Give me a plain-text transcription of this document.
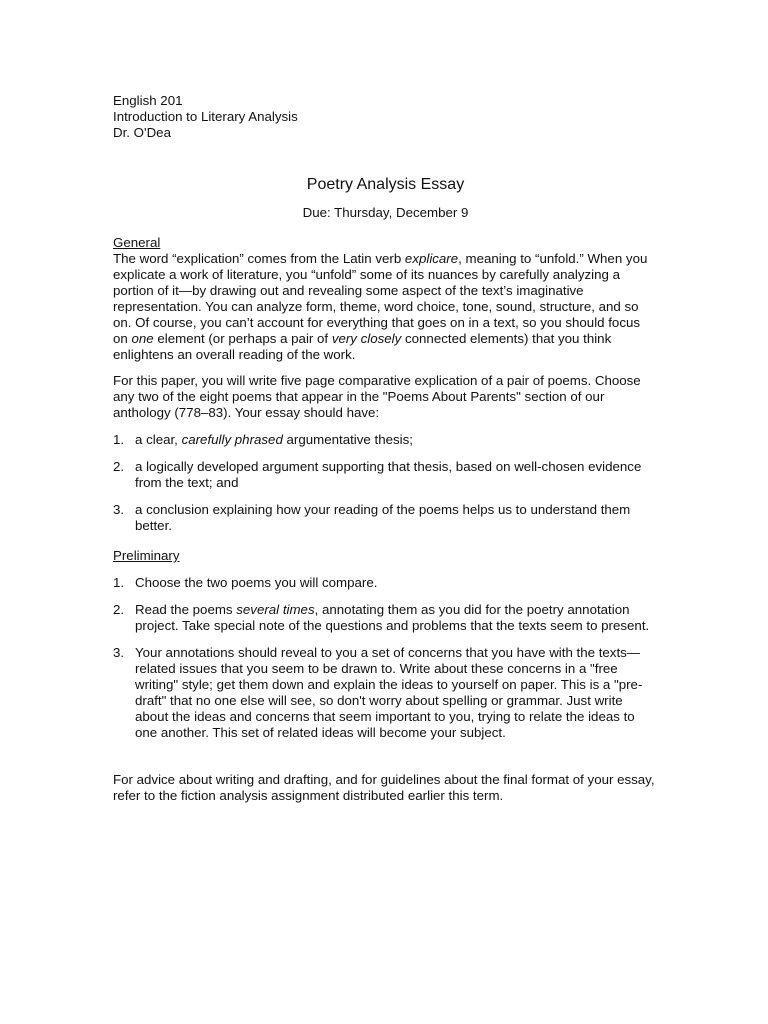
English 201
Introduction to Literary Analysis
Dr. O'Dea
Poetry Analysis Essay
Due: Thursday, December 9
General

The word “explication” comes from the Latin verb explicare, meaning to “unfold.” When you explicate a work of literature, you “unfold” some of its nuances by carefully analyzing a portion of it—by drawing out and revealing some aspect of the text’s imaginative representation. You can analyze form, theme, word choice, tone, sound, structure, and so on. Of course, you can’t account for everything that goes on in a text, so you should focus on one element (or perhaps a pair of very closely connected elements) that you think enlightens an overall reading of the work.

For this paper, you will write five page comparative explication of a pair of poems. Choose any two of the eight poems that appear in the "Poems About Parents" section of our anthology (778–83). Your essay should have:

1. a clear, carefully phrased argumentative thesis;
2. a logically developed argument supporting that thesis, based on well-chosen evidence from the text; and
3. a conclusion explaining how your reading of the poems helps us to understand them better.
Preliminary
1. Choose the two poems you will compare.
2. Read the poems several times, annotating them as you did for the poetry annotation project. Take special note of the questions and problems that the texts seem to present.
3. Your annotations should reveal to you a set of concerns that you have with the texts—related issues that you seem to be drawn to. Write about these concerns in a "free writing" style; get them down and explain the ideas to yourself on paper. This is a "pre-draft" that no one else will see, so don't worry about spelling or grammar. Just write about the ideas and concerns that seem important to you, trying to relate the ideas to one another. This set of related ideas will become your subject.

For advice about writing and drafting, and for guidelines about the final format of your essay, refer to the fiction analysis assignment distributed earlier this term.
